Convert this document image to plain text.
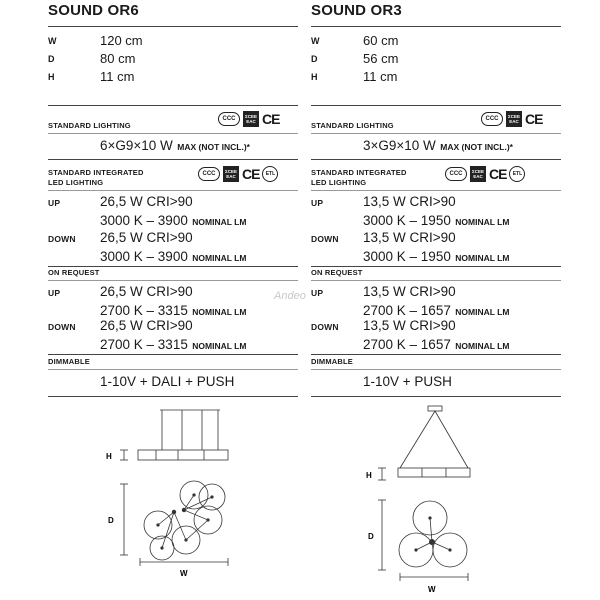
Andeo
SOUND OR6
W	120 cm
D	80 cm
H	11 cm
STANDARD LIGHTING
CCC	ΣCEE
EAC CE
6×G9×10 W MAX (NOT INCL.)*
STANDARD INTEGRATED
LED LIGHTING
CCC	ΣCEE
EAC CE	ETL
UP	26,5 W CRI>90
3000 K – 3900 NOMINAL LM
DOWN 26,5 W CRI>90
3000 K – 3900 NOMINAL LM
ON REQUEST
UP	26,5 W CRI>90
2700 K – 3315 NOMINAL LM
DOWN 26,5 W CRI>90
2700 K – 3315 NOMINAL LM
DIMMABLE
1-10V + DALI + PUSH
SOUND OR3
W	60 cm
D	56 cm
H	11 cm
STANDARD LIGHTING
CCC	ΣCEE
EAC CE
3×G9×10 W MAX (NOT INCL.)*
STANDARD INTEGRATED
LED LIGHTING
CCC	ΣCEE
EAC CE	ETL
UP	13,5 W CRI>90
3000 K – 1950 NOMINAL LM
DOWN 13,5 W CRI>90
3000 K – 1950 NOMINAL LM
ON REQUEST
UP	13,5 W CRI>90
2700 K – 1657 NOMINAL LM
DOWN 13,5 W CRI>90
2700 K – 1657 NOMINAL LM
DIMMABLE
1-10V + PUSH
H
D
W
H
D
W
